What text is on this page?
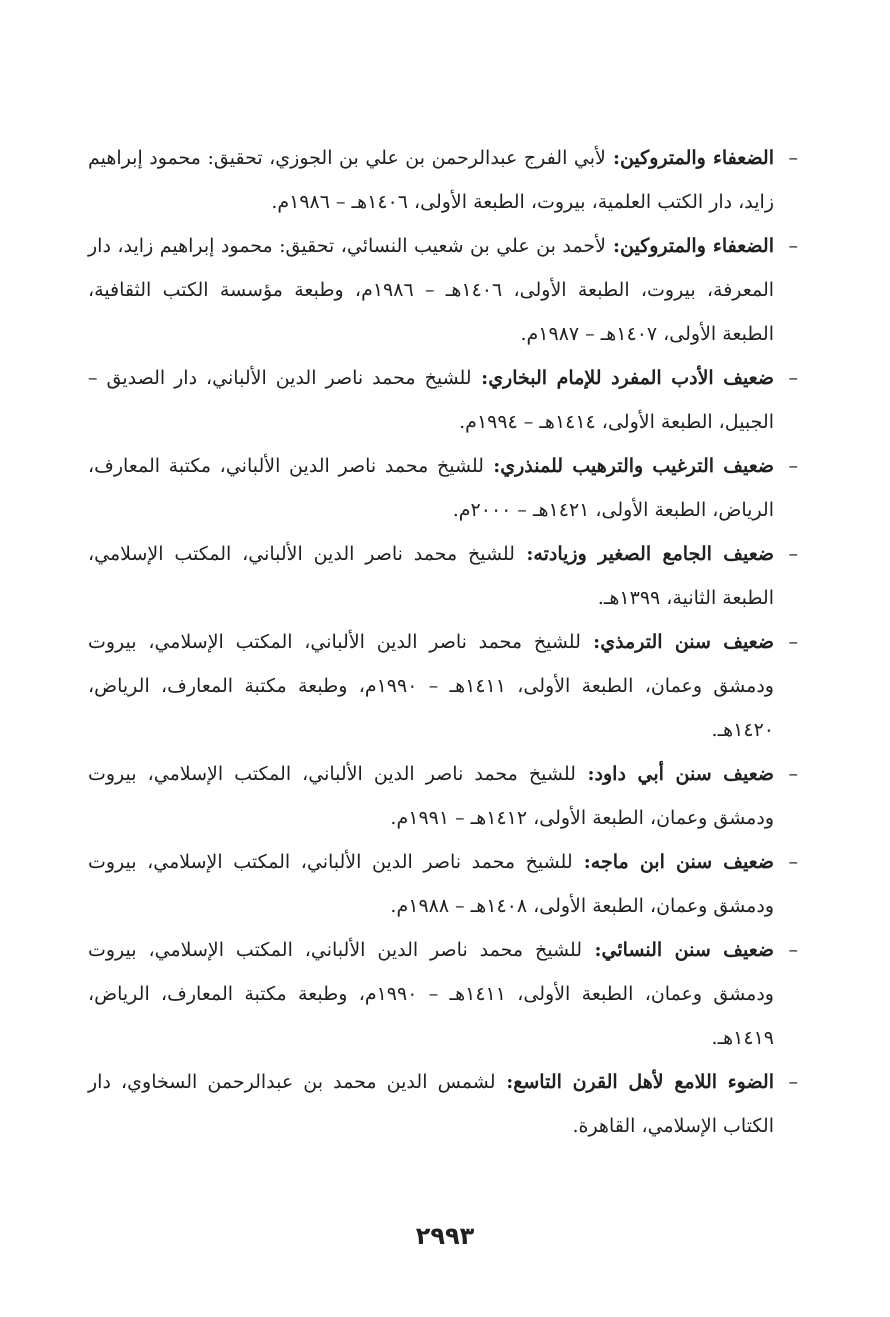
–
الضعفاء والمتروكين: لأبي الفرج عبدالرحمن بن علي بن الجوزي، تحقيق: محمود إبراهيم زايد، دار الكتب العلمية، بيروت، الطبعة الأولى، ١٤٠٦هـ – ١٩٨٦م.
–
الضعفاء والمتروكين: لأحمد بن علي بن شعيب النسائي، تحقيق: محمود إبراهيم زايد، دار المعرفة، بيروت، الطبعة الأولى، ١٤٠٦هـ – ١٩٨٦م، وطبعة مؤسسة الكتب الثقافية، الطبعة الأولى، ١٤٠٧هـ – ١٩٨٧م.
–
ضعيف الأدب المفرد للإمام البخاري: للشيخ محمد ناصر الدين الألباني، دار الصديق – الجبيل، الطبعة الأولى، ١٤١٤هـ – ١٩٩٤م.
–
ضعيف الترغيب والترهيب للمنذري: للشيخ محمد ناصر الدين الألباني، مكتبة المعارف، الرياض، الطبعة الأولى، ١٤٢١هـ – ٢٠٠٠م.
–
ضعيف الجامع الصغير وزيادته: للشيخ محمد ناصر الدين الألباني، المكتب الإسلامي، الطبعة الثانية، ١٣٩٩هـ.
–
ضعيف سنن الترمذي: للشيخ محمد ناصر الدين الألباني، المكتب الإسلامي، بيروت ودمشق وعمان، الطبعة الأولى، ١٤١١هـ – ١٩٩٠م، وطبعة مكتبة المعارف، الرياض، ١٤٢٠هـ.
–
ضعيف سنن أبي داود: للشيخ محمد ناصر الدين الألباني، المكتب الإسلامي، بيروت ودمشق وعمان، الطبعة الأولى، ١٤١٢هـ – ١٩٩١م.
–
ضعيف سنن ابن ماجه: للشيخ محمد ناصر الدين الألباني، المكتب الإسلامي، بيروت ودمشق وعمان، الطبعة الأولى، ١٤٠٨هـ – ١٩٨٨م.
–
ضعيف سنن النسائي: للشيخ محمد ناصر الدين الألباني، المكتب الإسلامي، بيروت ودمشق وعمان، الطبعة الأولى، ١٤١١هـ – ١٩٩٠م، وطبعة مكتبة المعارف، الرياض، ١٤١٩هـ.
–
الضوء اللامع لأهل القرن التاسع: لشمس الدين محمد بن عبدالرحمن السخاوي، دار الكتاب الإسلامي، القاهرة.
٢٩٩٣
